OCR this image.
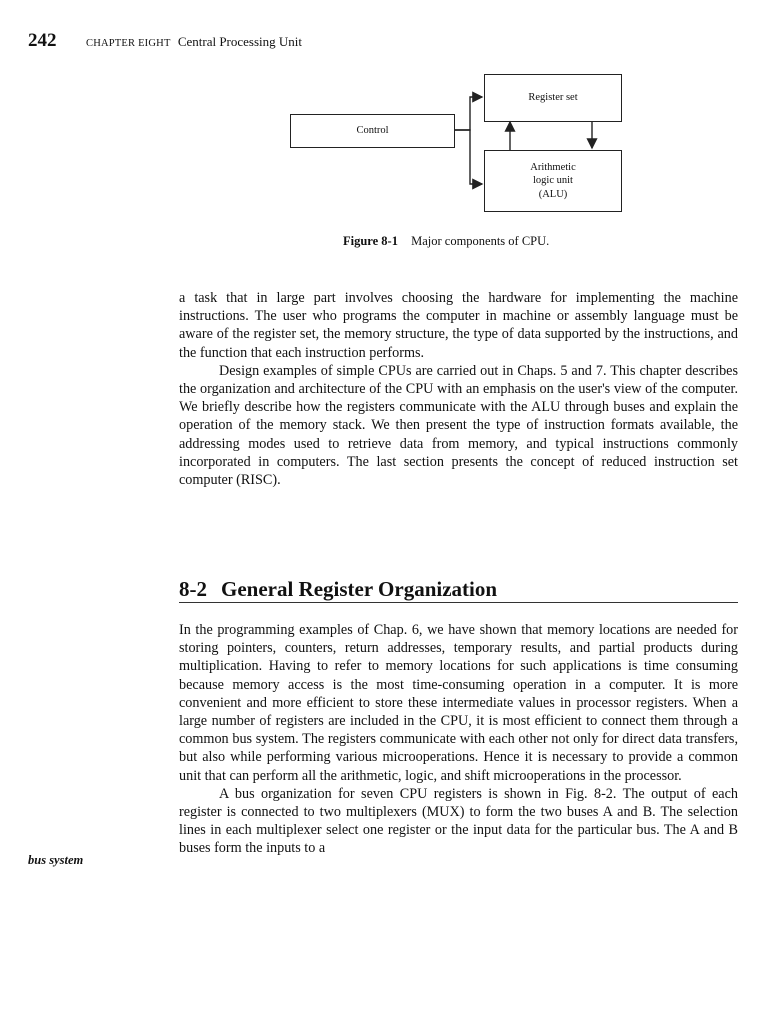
242	CHAPTER EIGHT Central Processing Unit
Register set
Control
Arithmetic
logic unit
(ALU)
Figure 8-1 Major components of CPU.

a task that in large part involves choosing the hardware for implementing the machine instructions. The user who programs the computer in machine or assembly language must be aware of the register set, the memory structure, the type of data supported by the instructions, and the function that each instruction performs.

Design examples of simple CPUs are carried out in Chaps. 5 and 7. This chapter describes the organization and architecture of the CPU with an emphasis on the user's view of the computer. We briefly describe how the registers communicate with the ALU through buses and explain the operation of the memory stack. We then present the type of instruction formats available, the addressing modes used to retrieve data from memory, and typical instructions commonly incorporated in computers. The last section presents the concept of reduced instruction set computer (RISC).

8-2 General Register Organization

In the programming examples of Chap. 6, we have shown that memory locations are needed for storing pointers, counters, return addresses, temporary results, and partial products during multiplication. Having to refer to memory locations for such applications is time consuming because memory access is the most time-consuming operation in a computer. It is more convenient and more efficient to store these intermediate values in processor registers. When a large number of registers are included in the CPU, it is most efficient to connect them through a common bus system. The registers communicate with each other not only for direct data transfers, but also while performing various microoperations. Hence it is necessary to provide a common unit that can perform all the arithmetic, logic, and shift microoperations in the processor.

A bus organization for seven CPU registers is shown in Fig. 8-2. The output of each register is connected to two multiplexers (MUX) to form the two buses A and B. The selection lines in each multiplexer select one register or the input data for the particular bus. The A and B buses form the inputs to a

bus system
